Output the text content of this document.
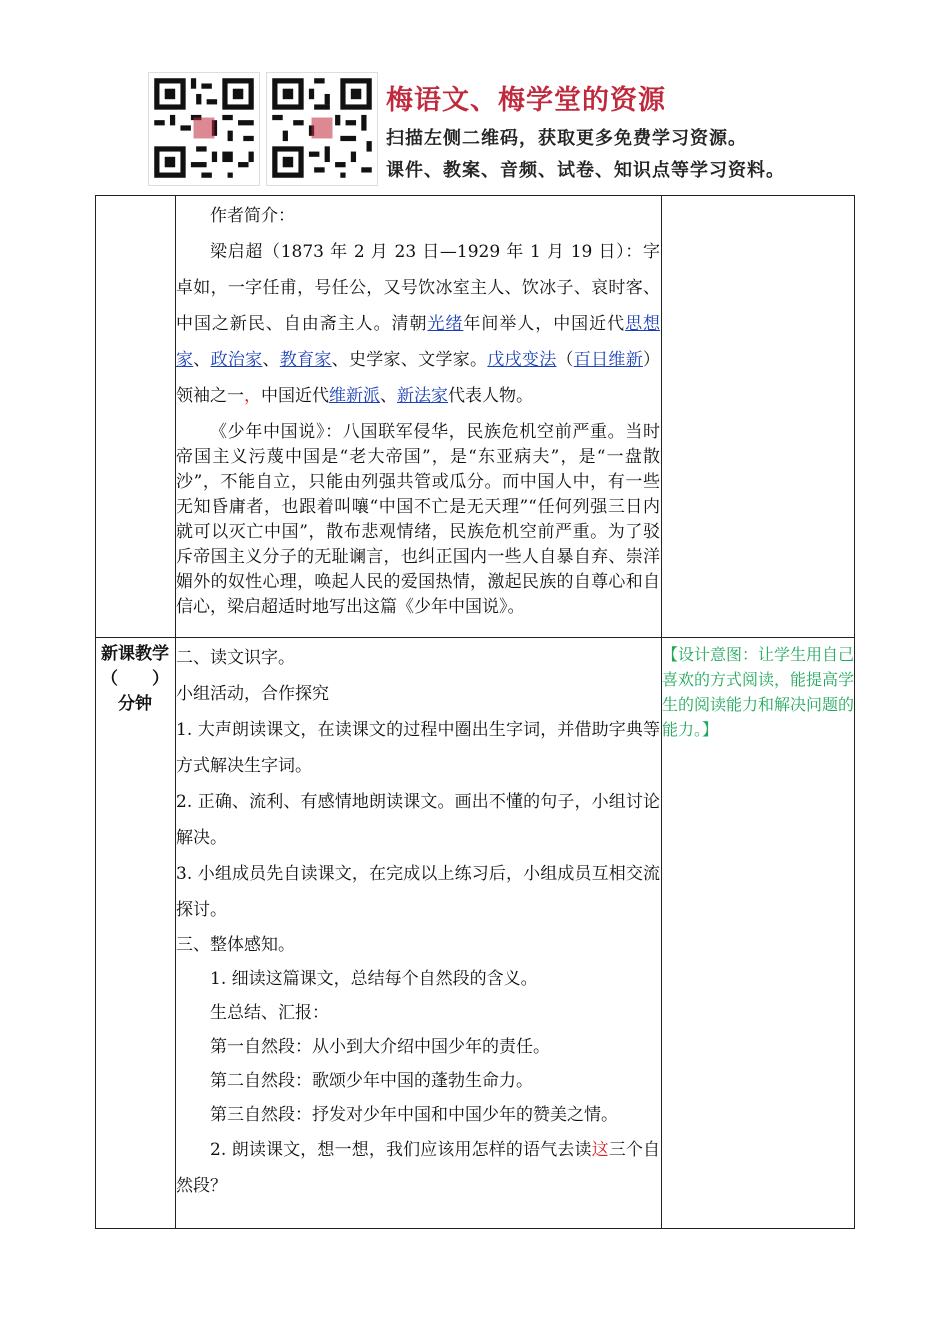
梅语文、梅学堂的资源
扫描左侧二维码，获取更多免费学习资源。
课件、教案、音频、试卷、知识点等学习资料。

作者简介：

梁启超（1873 年 2 月 23 日—1929 年 1 月 19 日）：字卓如，一字任甫，号任公，又号饮冰室主人、饮冰子、哀时客、中国之新民、自由斋主人。清朝光绪年间举人，中国近代思想家、政治家、教育家、史学家、文学家。戊戌变法（百日维新）领袖之一，中国近代维新派、新法家代表人物。

《少年中国说》：八国联军侵华，民族危机空前严重。当时帝国主义污蔑中国是“老大帝国”，是“东亚病夫”，是“一盘散沙”，不能自立，只能由列强共管或瓜分。而中国人中，有一些无知昏庸者，也跟着叫嚷“中国不亡是无天理”“任何列强三日内就可以灭亡中国”，散布悲观情绪，民族危机空前严重。为了驳斥帝国主义分子的无耻谰言，也纠正国内一些人自暴自弃、崇洋媚外的奴性心理，唤起人民的爱国热情，激起民族的自尊心和自信心，梁启超适时地写出这篇《少年中国说》。

新课教学（　　）分钟

二、读文识字。

小组活动，合作探究

1. 大声朗读课文，在读课文的过程中圈出生字词，并借助字典等方式解决生字词。

2. 正确、流利、有感情地朗读课文。画出不懂的句子，小组讨论解决。

3. 小组成员先自读课文，在完成以上练习后，小组成员互相交流探讨。

三、整体感知。

1. 细读这篇课文，总结每个自然段的含义。

生总结、汇报：

第一自然段：从小到大介绍中国少年的责任。

第二自然段：歌颂少年中国的蓬勃生命力。

第三自然段：抒发对少年中国和中国少年的赞美之情。

2. 朗读课文，想一想，我们应该用怎样的语气去读这三个自然段？

【设计意图：让学生用自己喜欢的方式阅读，能提高学生的阅读能力和解决问题的能力。】
